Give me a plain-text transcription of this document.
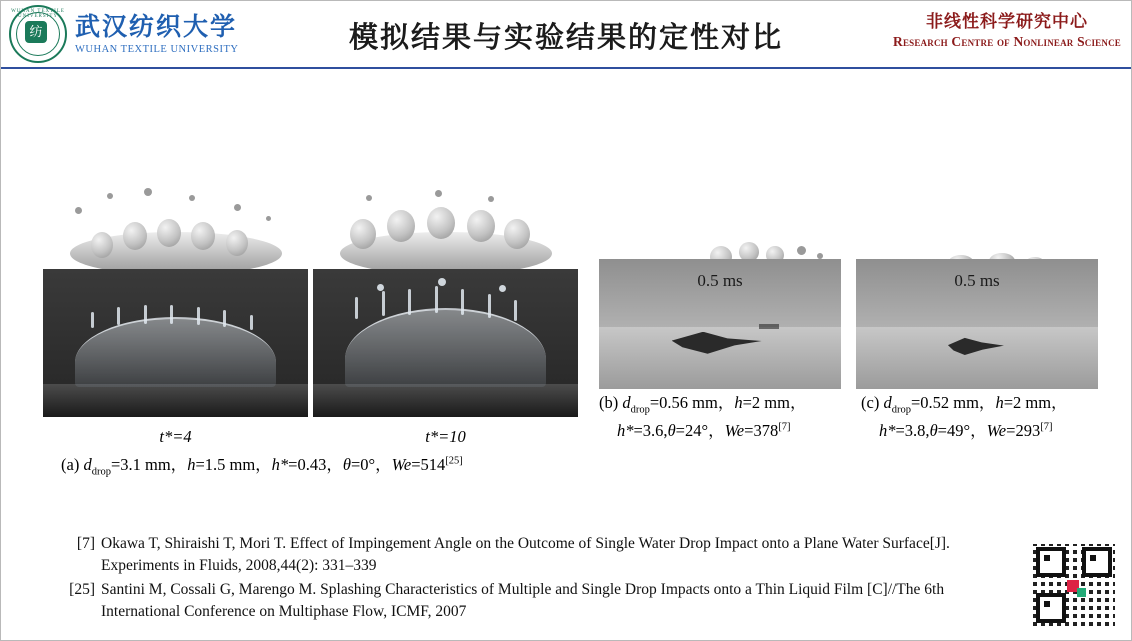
WUHAN TEXTILE UNIVERSITY
纺 武汉纺织大学
WUHAN TEXTILE UNIVERSITY	模拟结果与实验结果的定性对比	非线性科学研究中心
Research Centre of Nonlinear Science
0.5 ms	0.5 ms
t*=4	t*=10
(a) $d_{drop}=3.1$ mm，h=1.5 mm，h*=0.43，θ=0°，We=514[25]
(b) $d_{drop}=0.56$ mm，h=2 mm，
h*=3.6,θ=24°，We=378[7]
(c) $d_{drop}=0.52$ mm，h=2 mm，
h*=3.8,θ=49°，We=293[7]
[7] Okawa T, Shiraishi T, Mori T. Effect of Impingement Angle on the Outcome of Single Water Drop Impact onto a Plane Water Surface[J]. Experiments in Fluids, 2008,44(2): 331–339
[25] Santini M, Cossali G, Marengo M. Splashing Characteristics of Multiple and Single Drop Impacts onto a Thin Liquid Film [C]//The 6th International Conference on Multiphase Flow, ICMF, 2007
